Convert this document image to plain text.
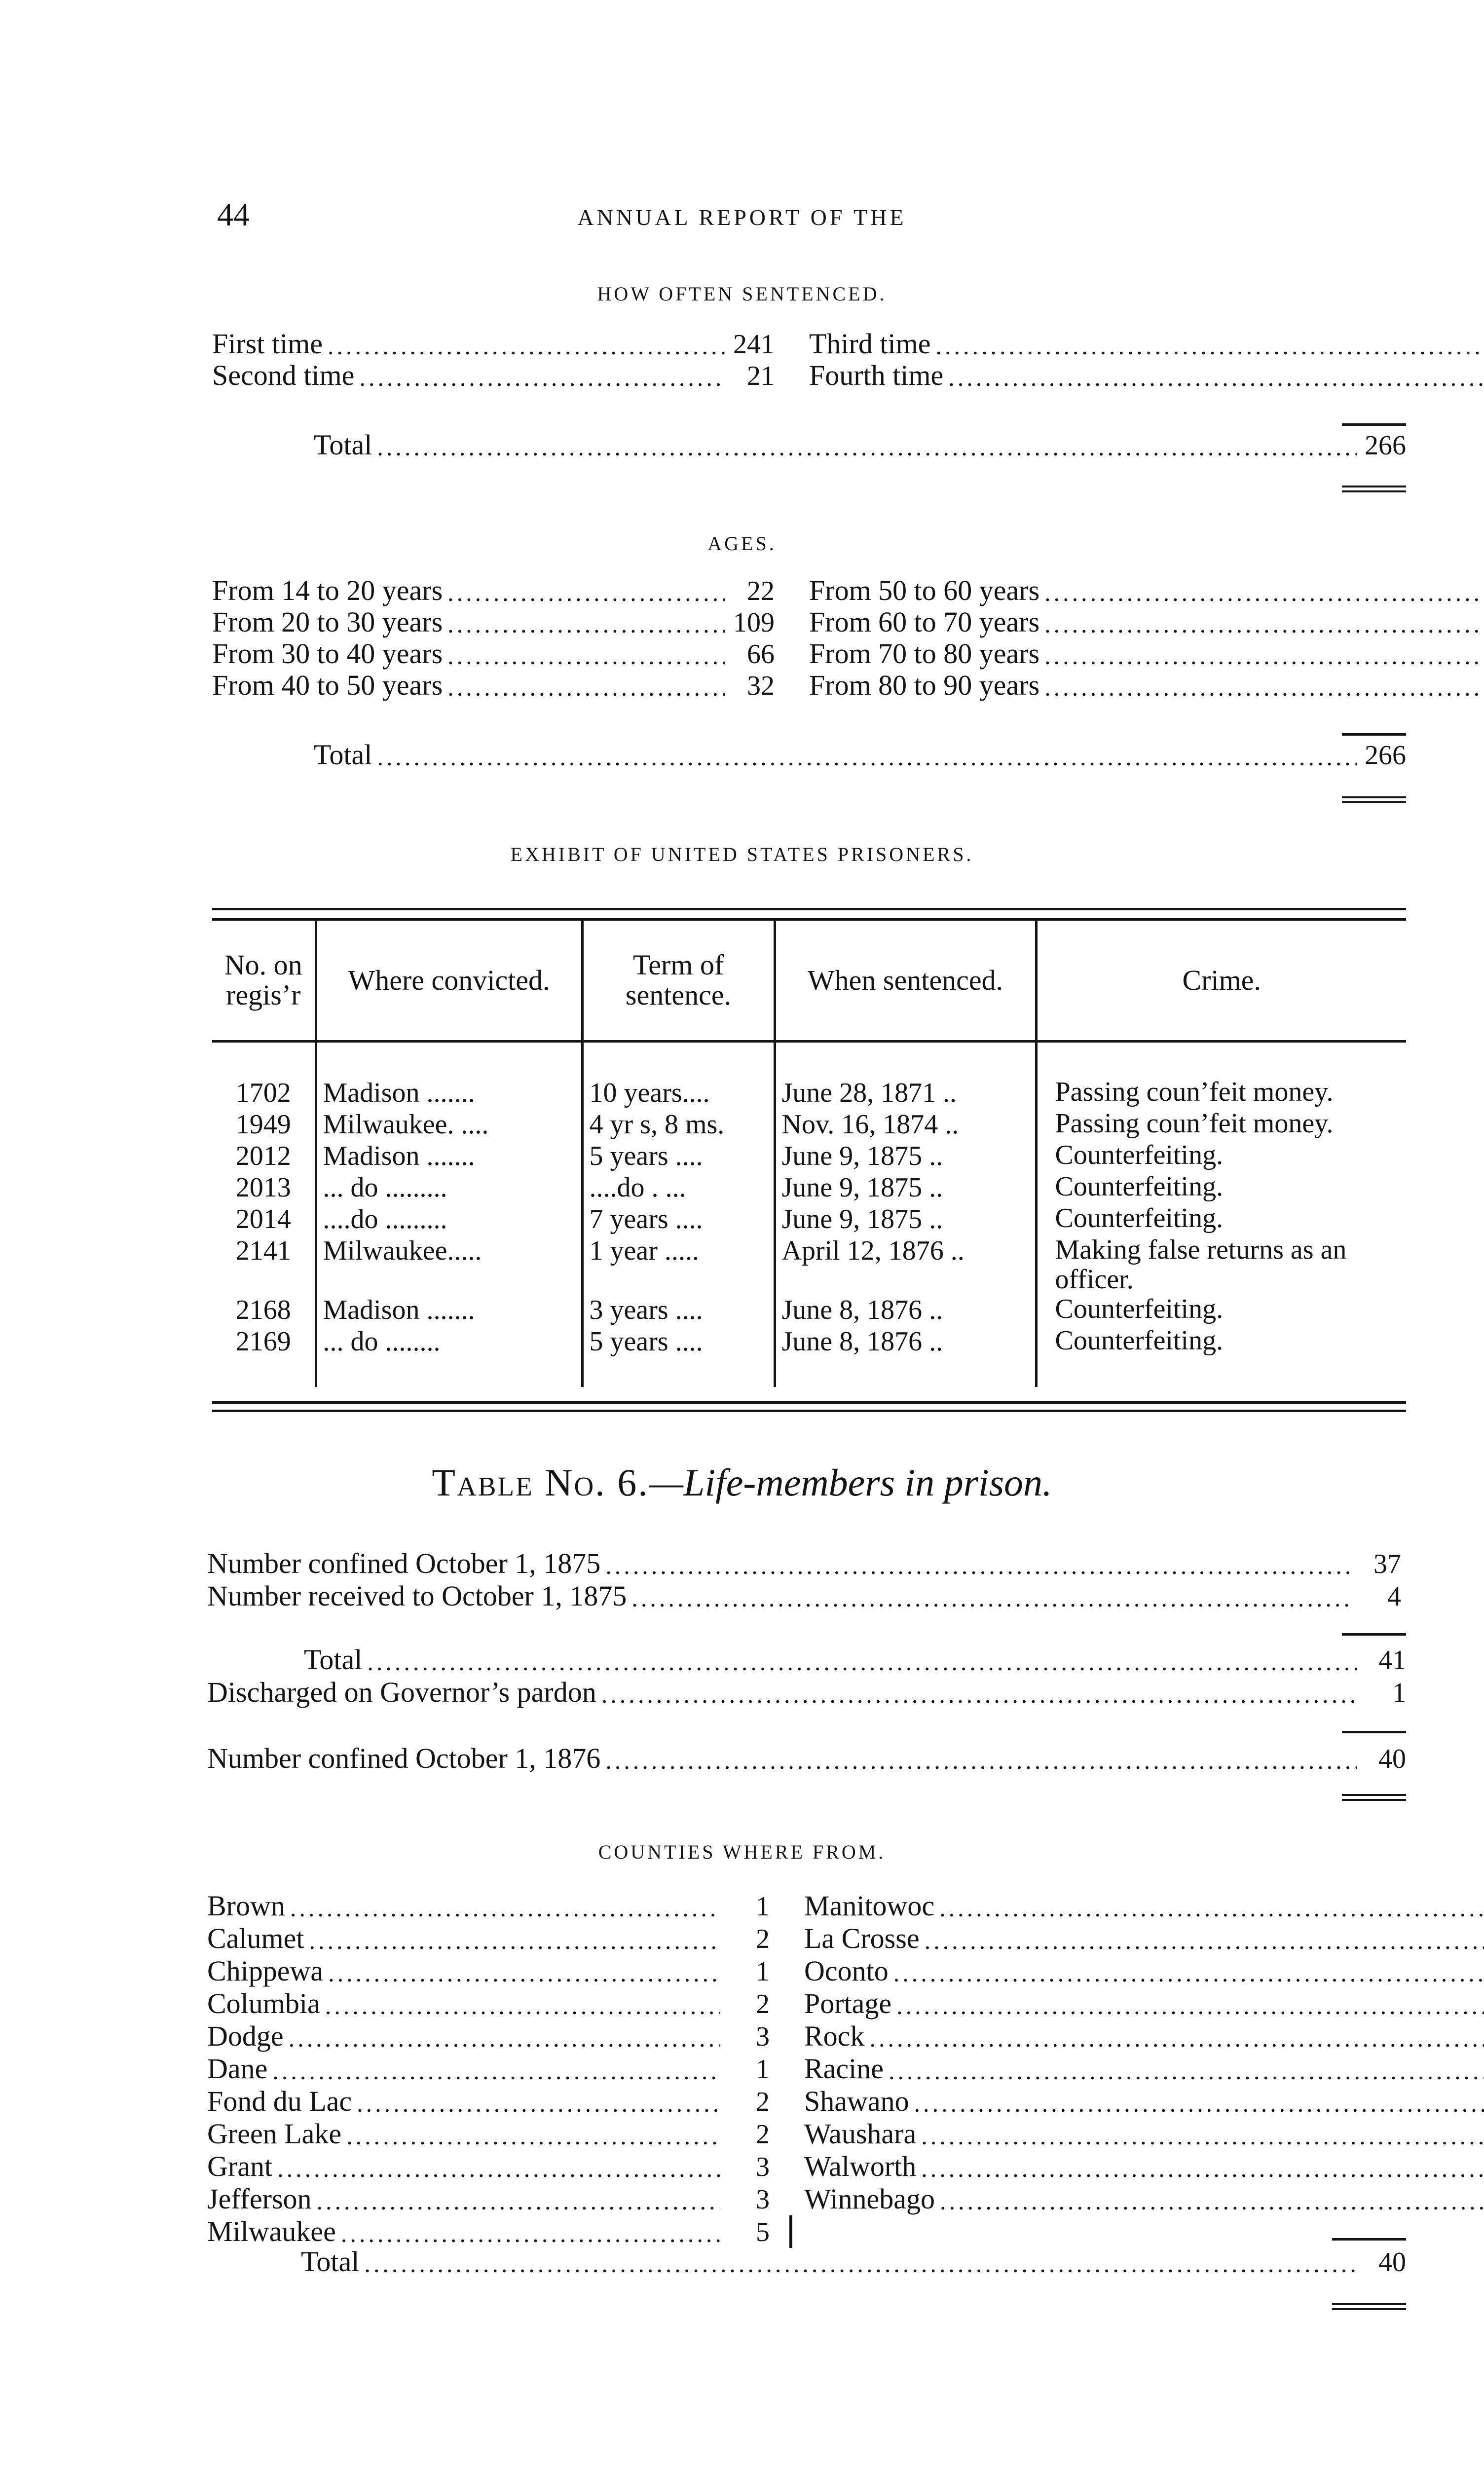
44	ANNUAL REPORT OF THE
HOW OFTEN SENTENCED.
First time .....	241 Third time
.....
Second time .....	21 Fourth time
.....
Total .....	266
AGES.
From 14 to 20 years .....	22 From 50 to 60 years
.....
From 20 to 30 years .....	109 From 60 to 70 years
.....
From 30 to 40 years .....	66 From 70 to 80 years
.....
From 40 to 50 years .....	32 From 80 to 90 years
.....
Total .....	266
EXHIBIT OF UNITED STATES PRISONERS.
No. on regis’r	Where convicted.	Term of sentence.	When sentenced.	Crime.

1702	Madison .......	10 years....	June 28, 1871 ..	Passing coun’feit money.
1949	Milwaukee. ....	4 yr s, 8 ms.	Nov. 16, 1874 ..	Passing coun’feit money.
2012	Madison .......	5 years ....	June 9, 1875 ..	Counterfeiting.
2013	... do .........	....do . ...	June 9, 1875 ..	Counterfeiting.
2014	....do .........	7 years ....	June 9, 1875 ..	Counterfeiting.
2141	Milwaukee.....	1 year .....	April 12, 1876 ..	Making false returns as an officer.
2168	Madison .......	3 years ....	June 8, 1876 ..	Counterfeiting.
2169	... do ........	5 years ....	June 8, 1876 ..	Counterfeiting.

Table No. 6.—Life-members in prison.
Number confined October 1, 1875 .....	37
Number received to October 1, 1875 .....	4
Total .....	41
Discharged on Governor’s pardon .....	1
Number confined October 1, 1876 .....	40
COUNTIES WHERE FROM.
Brown .....	1 Manitowoc
.....
Calumet .....	2 La Crosse
.....
Chippewa .....	1 Oconto
.....
Columbia .....	2 Portage
.....
Dodge .....	3 Rock
.....
Dane .....	1 Racine
.....
Fond du Lac .....	2 Shawano
.....
Green Lake .....	2 Waushara
.....
Grant .....	3 Walworth
.....
Jefferson .....	3 Winnebago
.....
Milwaukee .....	5
Total .....	40
